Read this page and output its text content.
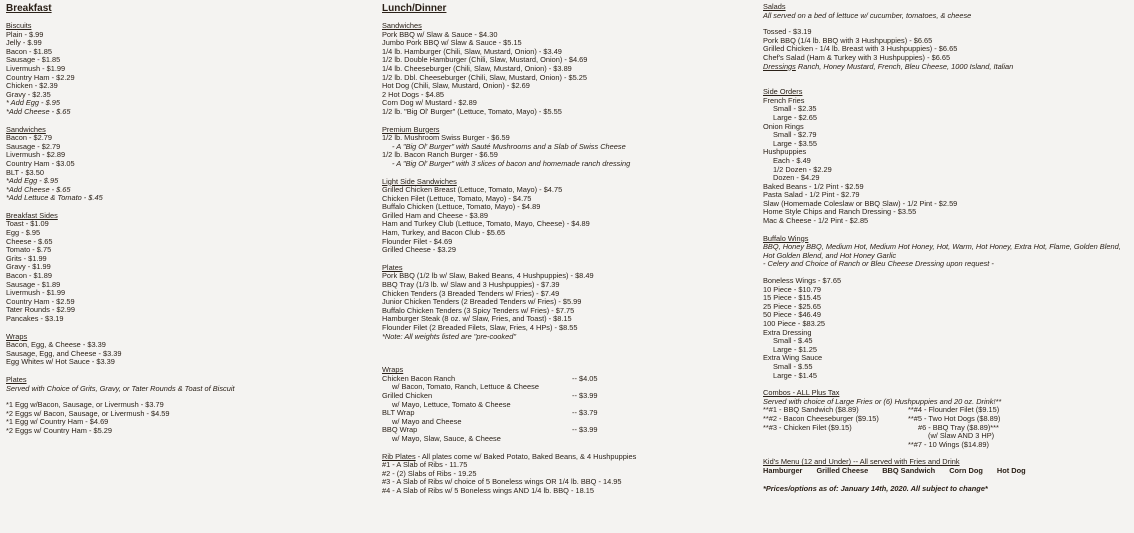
Breakfast
Biscuits
Plain - $.99
Jelly - $.99
Bacon - $1.85
Sausage - $1.85
Livermush - $1.99
Country Ham - $2.29
Chicken - $2.39
Gravy - $2.35
* Add Egg - $.95
*Add Cheese - $.65
Sandwiches
Bacon - $2.79
Sausage - $2.79
Livermush - $2.89
Country Ham - $3.05
BLT - $3.50
*Add Egg - $.95
*Add Cheese - $.65
*Add Lettuce & Tomato - $.45
Breakfast Sides
Toast - $1.09
Egg - $.95
Cheese - $.65
Tomato - $.75
Grits - $1.99
Gravy - $1.99
Bacon - $1.89
Sausage - $1.89
Livermush - $1.99
Country Ham - $2.59
Tater Rounds - $2.99
Pancakes - $3.19
Wraps
Bacon, Egg, & Cheese - $3.39
Sausage, Egg, and Cheese - $3.39
Egg Whites w/ Hot Sauce - $3.39
Plates
Served with Choice of Grits, Gravy, or Tater Rounds & Toast of Biscuit
*1 Egg w/Bacon, Sausage, or Livermush - $3.79
*2 Eggs w/ Bacon, Sausage, or Livermush - $4.59
*1 Egg w/ Country Ham - $4.69
*2 Eggs w/ Country Ham - $5.29
Lunch/Dinner
Sandwiches
Pork BBQ w/ Slaw & Sauce - $4.30
Jumbo Pork BBQ w/ Slaw & Sauce - $5.15
1/4 lb. Hamburger (Chili, Slaw, Mustard, Onion) - $3.49
1/2 lb. Double Hamburger (Chili, Slaw, Mustard, Onion) - $4.69
1/4 lb. Cheeseburger (Chili, Slaw, Mustard, Onion) - $3.89
1/2 lb. Dbl. Cheeseburger (Chili, Slaw, Mustard, Onion) - $5.25
Hot Dog (Chili, Slaw, Mustard, Onion) - $2.69
2 Hot Dogs - $4.85
Corn Dog w/ Mustard - $2.89
1/2 lb. "Big Ol' Burger" (Lettuce, Tomato, Mayo) - $5.55
Premium Burgers
1/2 lb. Mushroom Swiss Burger - $6.59
- A "Big Ol' Burger" with Sauté Mushrooms and a Slab of Swiss Cheese
1/2 lb. Bacon Ranch Burger - $6.59
- A "Big Ol' Burger" with 3 slices of bacon and homemade ranch dressing
Light Side Sandwiches
Grilled Chicken Breast (Lettuce, Tomato, Mayo) - $4.75
Chicken Filet (Lettuce, Tomato, Mayo) - $4.75
Buffalo Chicken (Lettuce, Tomato, Mayo) - $4.89
Grilled Ham and Cheese - $3.89
Ham and Turkey Club (Lettuce, Tomato, Mayo, Cheese) - $4.89
Ham, Turkey, and Bacon Club - $5.65
Flounder Filet - $4.69
Grilled Cheese - $3.29
Plates
Pork BBQ (1/2 lb w/ Slaw, Baked Beans, 4 Hushpuppies) - $8.49
BBQ Tray (1/3 lb. w/ Slaw and 3 Hushpuppies) - $7.39
Chicken Tenders (3 Breaded Tenders w/ Fries) - $7.49
Junior Chicken Tenders (2 Breaded Tenders w/ Fries) - $5.99
Buffalo Chicken Tenders (3 Spicy Tenders w/ Fries) - $7.75
Hamburger Steak (8 oz. w/ Slaw, Fries, and Toast) - $8.15
Flounder Filet (2 Breaded Filets, Slaw, Fries, 4 HPs) - $8.55
*Note: All weights listed are "pre-cooked"
Wraps
Chicken Bacon Ranch	-- $4.05
w/ Bacon, Tomato, Ranch, Lettuce & Cheese
Grilled Chicken	-- $3.99
w/ Mayo, Lettuce, Tomato & Cheese
BLT Wrap	-- $3.79
w/ Mayo and Cheese
BBQ Wrap	-- $3.99
w/ Mayo, Slaw, Sauce, & Cheese
Rib Plates - All plates come w/ Baked Potato, Baked Beans, & 4 Hushpuppies
#1 - A Slab of Ribs - 11.75
#2 - (2) Slabs of Ribs - 19.25
#3 - A Slab of Ribs w/ choice of 5 Boneless wings OR 1/4 lb. BBQ - 14.95
#4 - A Slab of Ribs w/ 5 Boneless wings AND 1/4 lb. BBQ - 18.15
Salads
All served on a bed of lettuce w/ cucumber, tomatoes, & cheese
Tossed - $3.19
Pork BBQ (1/4 lb. BBQ with 3 Hushpuppies) - $6.65
Grilled Chicken - 1/4 lb. Breast with 3 Hushpuppies) - $6.65
Chef's Salad (Ham & Turkey with 3 Hushpuppies) - $6.65
Dressings Ranch, Honey Mustard, French, Bleu Cheese, 1000 Island, Italian
Side Orders
French Fries
Small - $2.35
Large - $2.65
Onion Rings
Small - $2.79
Large - $3.55
Hushpuppies
Each - $.49
1/2 Dozen - $2.29
Dozen - $4.29
Baked Beans - 1/2 Pint - $2.59
Pasta Salad - 1/2 Pint - $2.79
Slaw (Homemade Coleslaw or BBQ Slaw) - 1/2 Pint - $2.59
Home Style Chips and Ranch Dressing - $3.55
Mac & Cheese - 1/2 Pint - $2.85
Buffalo Wings
BBQ, Honey BBQ, Medium Hot, Medium Hot Honey, Hot, Warm, Hot Honey, Extra Hot, Flame, Golden Blend, Hot Golden Blend, and Hot Honey Garlic
- Celery and Choice of Ranch or Bleu Cheese Dressing upon request -
Boneless Wings - $7.65
10 Piece - $10.79
15 Piece - $15.45
25 Piece - $25.65
50 Piece - $46.49
100 Piece - $83.25
Extra Dressing
Small - $.45
Large - $1.25
Extra Wing Sauce
Small - $.55
Large - $1.45
Combos - ALL Plus Tax
Served with choice of Large Fries or (6) Hushpuppies and 20 oz. Drink!**
**#1 - BBQ Sandwich ($8.89)
**#2 - Bacon Cheeseburger ($9.15)
**#3 - Chicken Filet ($9.15)
**#4 - Flounder Filet ($9.15)
**#5 - Two Hot Dogs ($8.89)
#6 - BBQ Tray ($8.89)***
(w/ Slaw AND 3 HP)
**#7 - 10 Wings ($14.89)
Kid's Menu (12 and Under) -- All served with Fries and Drink
Hamburger Grilled Cheese BBQ Sandwich Corn Dog Hot Dog
*Prices/options as of: January 14th, 2020. All subject to change*
